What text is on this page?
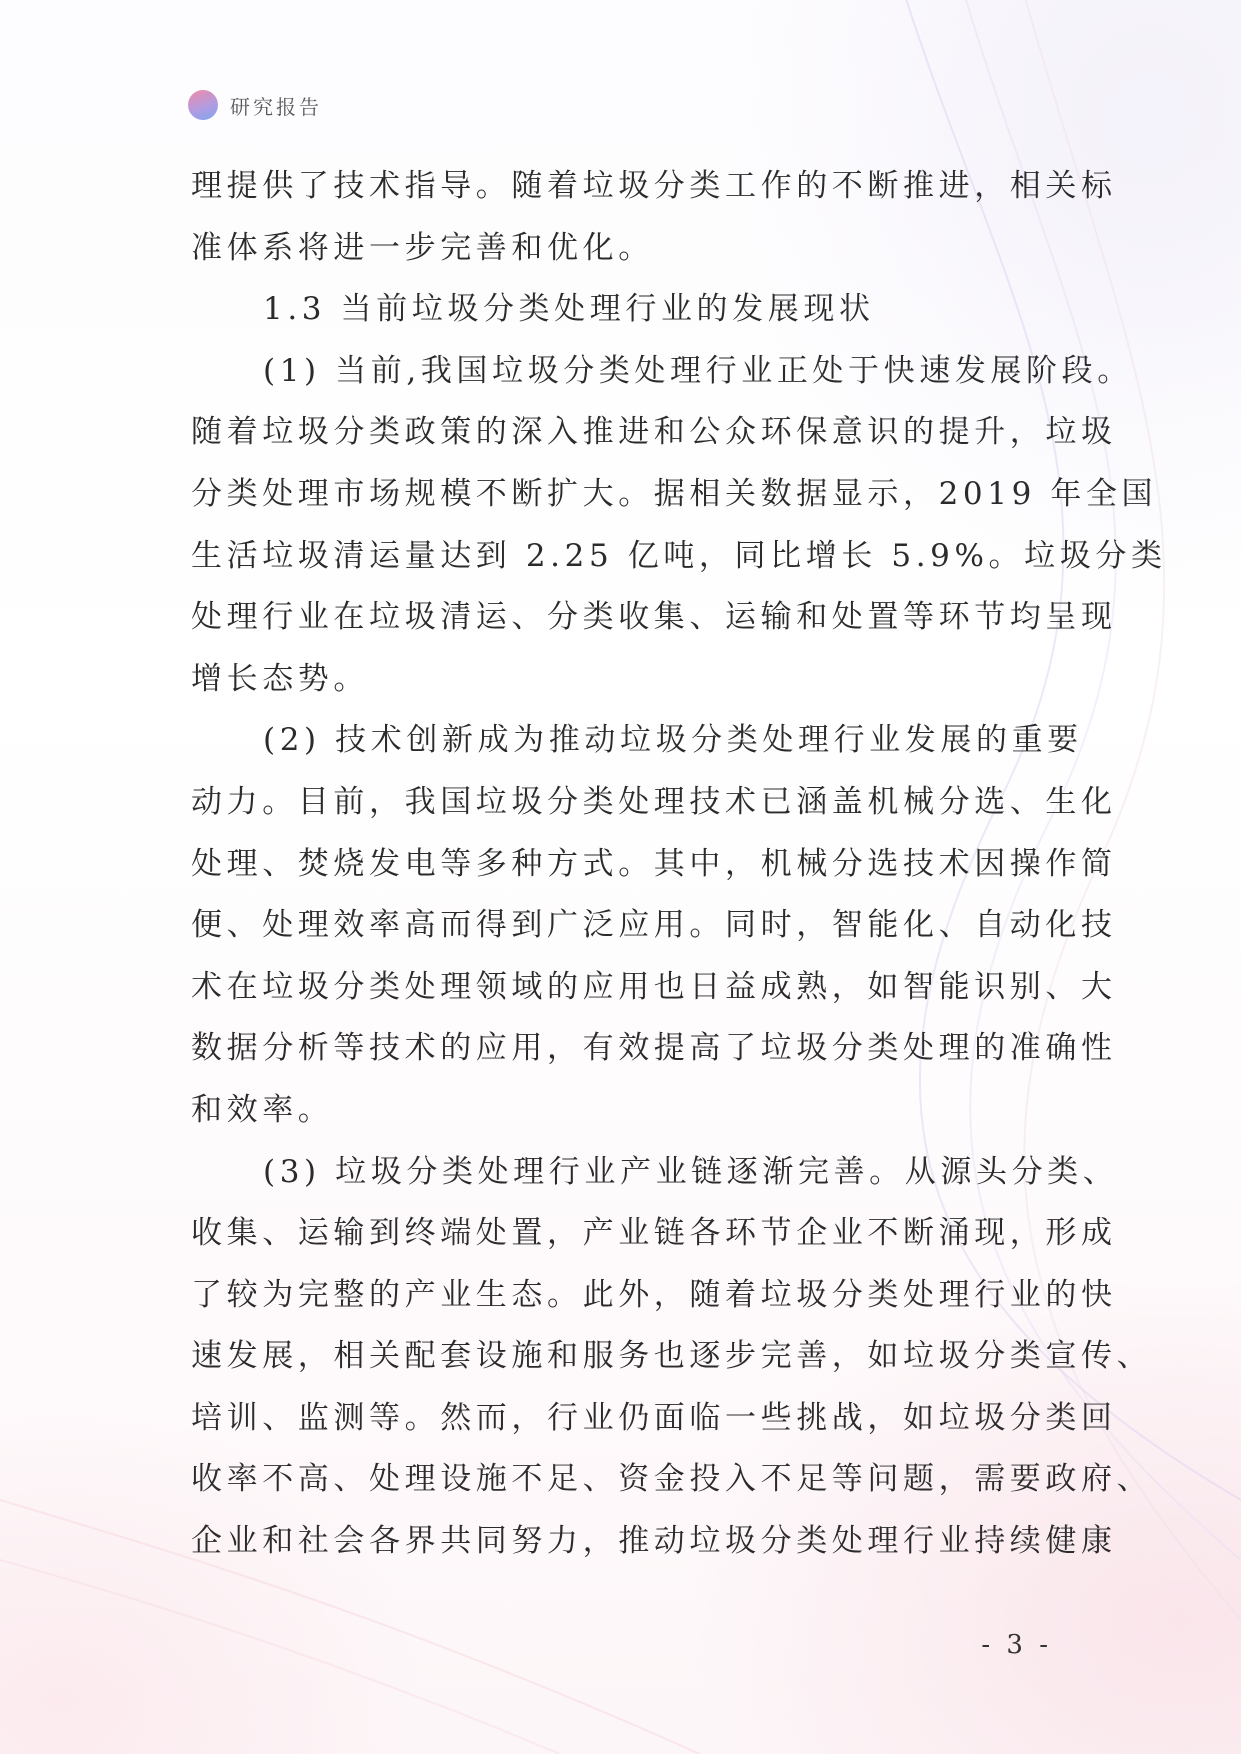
研究报告
理提供了技术指导。随着垃圾分类工作的不断推进，相关标
准体系将进一步完善和优化。
1.3 当前垃圾分类处理行业的发展现状
(1) 当前,我国垃圾分类处理行业正处于快速发展阶段。
随着垃圾分类政策的深入推进和公众环保意识的提升，垃圾
分类处理市场规模不断扩大。据相关数据显示，2019 年全国
生活垃圾清运量达到 2.25 亿吨，同比增长 5.9%。垃圾分类
处理行业在垃圾清运、分类收集、运输和处置等环节均呈现
增长态势。
(2) 技术创新成为推动垃圾分类处理行业发展的重要
动力。目前，我国垃圾分类处理技术已涵盖机械分选、生化
处理、焚烧发电等多种方式。其中，机械分选技术因操作简
便、处理效率高而得到广泛应用。同时，智能化、自动化技
术在垃圾分类处理领域的应用也日益成熟，如智能识别、大
数据分析等技术的应用，有效提高了垃圾分类处理的准确性
和效率。
(3) 垃圾分类处理行业产业链逐渐完善。从源头分类、
收集、运输到终端处置，产业链各环节企业不断涌现，形成
了较为完整的产业生态。此外，随着垃圾分类处理行业的快
速发展，相关配套设施和服务也逐步完善，如垃圾分类宣传、
培训、监测等。然而，行业仍面临一些挑战，如垃圾分类回
收率不高、处理设施不足、资金投入不足等问题，需要政府、
企业和社会各界共同努力，推动垃圾分类处理行业持续健康
- 3 -
